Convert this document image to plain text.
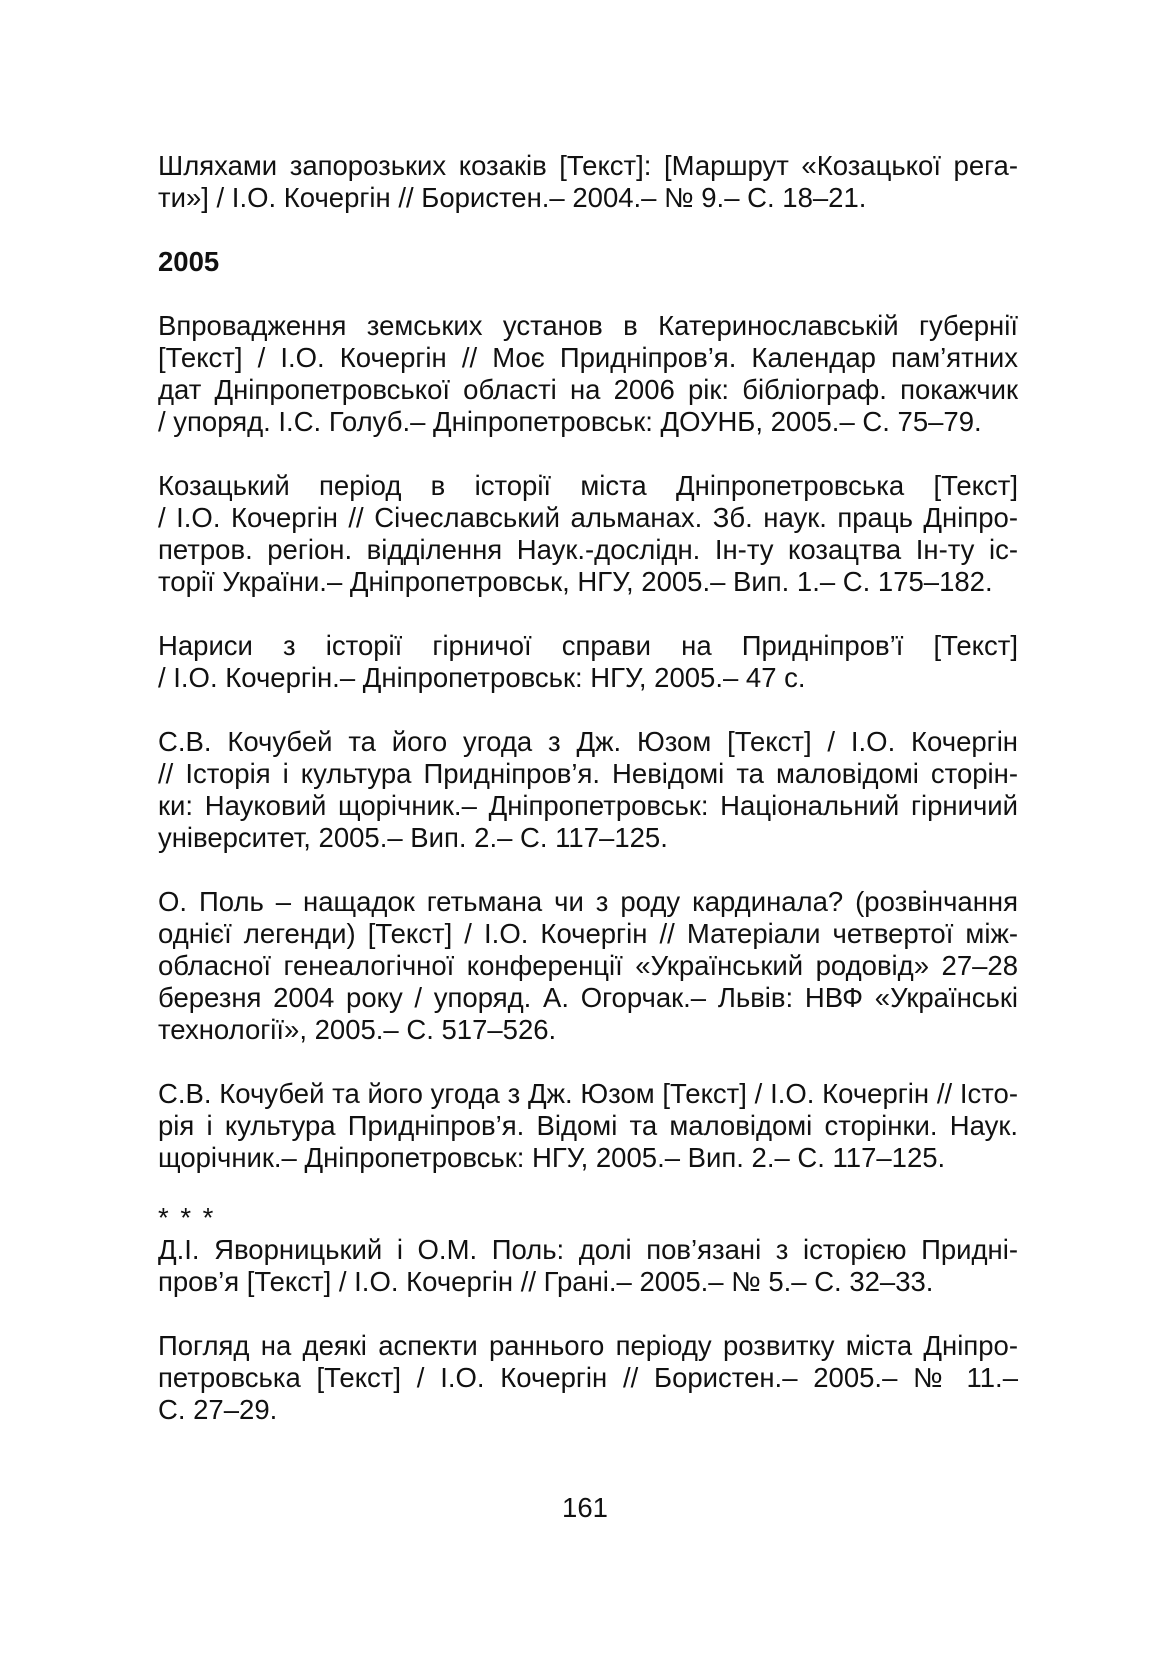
Шляхами запорозьких козаків [Текст]: [Маршрут «Козацької рега-
ти»] / І.О. Кочергін // Бористен.– 2004.– № 9.– С. 18–21.

2005

Впровадження земських установ в Катеринославській губернії
[Текст] / І.О. Кочергін // Моє Придніпров’я. Календар пам’ятних
дат Дніпропетровської області на 2006 рік: бібліограф. покажчик
/ упоряд. І.С. Голуб.– Дніпропетровськ: ДОУНБ, 2005.– С. 75–79.

Козацький період в історії міста Дніпропетровська [Текст]
/ І.О. Кочергін // Січеславський альманах. Зб. наук. праць Дніпро-
петров. регіон. відділення Наук.-дослідн. Ін-ту козацтва Ін-ту іс-
торії України.– Дніпропетровськ, НГУ, 2005.– Вип. 1.– С. 175–182.

Нариси з історії гірничої справи на Придніпров’ї [Текст]
/ І.О. Кочергін.– Дніпропетровськ: НГУ, 2005.– 47 с.

С.В. Кочубей та його угода з Дж. Юзом [Текст] / І.О. Кочергін
// Історія і культура Придніпров’я. Невідомі та маловідомі сторін-
ки: Науковий щорічник.– Дніпропетровськ: Національний гірничий
університет, 2005.– Вип. 2.– С. 117–125.

О. Поль – нащадок гетьмана чи з роду кардинала? (розвінчання
однієї легенди) [Текст] / І.О. Кочергін // Матеріали четвертої між-
обласної генеалогічної конференції «Український родовід» 27–28
березня 2004 року / упоряд. А. Огорчак.– Львів: НВФ «Українські
технології», 2005.– С. 517–526.

С.В. Кочубей та його угода з Дж. Юзом [Текст] / І.О. Кочергін // Істо-
рія і культура Придніпров’я. Відомі та маловідомі сторінки. Наук.
щорічник.– Дніпропетровськ: НГУ, 2005.– Вип. 2.– С. 117–125.

* * *

Д.І. Яворницький і О.М. Поль: долі пов’язані з історією Придні-
пров’я [Текст] / І.О. Кочергін // Грані.– 2005.– № 5.– С. 32–33.

Погляд на деякі аспекти раннього періоду розвитку міста Дніпро-
петровська [Текст] / І.О. Кочергін // Бористен.– 2005.– № 11.–
С. 27–29.

161
